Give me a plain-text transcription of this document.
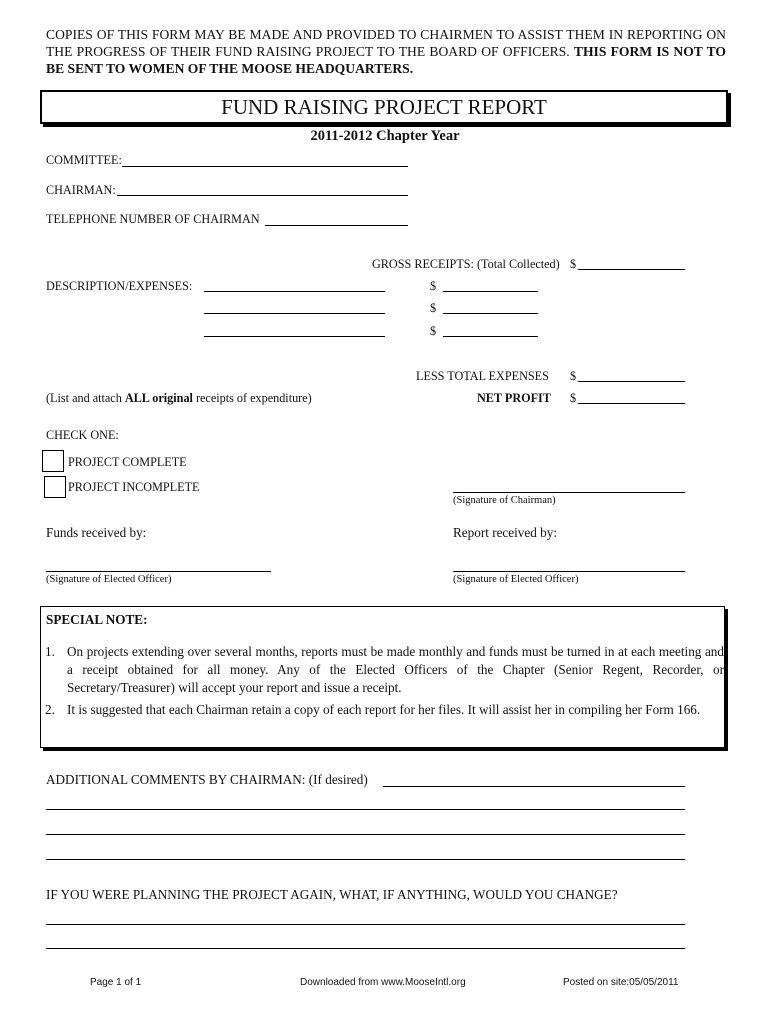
COPIES OF THIS FORM MAY BE MADE AND PROVIDED TO CHAIRMEN TO ASSIST THEM IN REPORTING ON THE PROGRESS OF THEIR FUND RAISING PROJECT TO THE BOARD OF OFFICERS. THIS FORM IS NOT TO BE SENT TO WOMEN OF THE MOOSE HEADQUARTERS.
FUND RAISING PROJECT REPORT
2011-2012 Chapter Year
COMMITTEE:
CHAIRMAN:
TELEPHONE NUMBER OF CHAIRMAN
GROSS RECEIPTS: (Total Collected) $
DESCRIPTION/EXPENSES:	$
$
$
LESS TOTAL EXPENSES $
(List and attach ALL original receipts of expenditure)	NET PROFIT $
CHECK ONE:
PROJECT COMPLETE
PROJECT INCOMPLETE
(Signature of Chairman)
Funds received by:	Report received by:
(Signature of Elected Officer)	(Signature of Elected Officer)
SPECIAL NOTE:
1. On projects extending over several months, reports must be made monthly and funds must be turned in at each meeting and a receipt obtained for all money. Any of the Elected Officers of the Chapter (Senior Regent, Recorder, or Secretary/Treasurer) will accept your report and issue a receipt.
2. It is suggested that each Chairman retain a copy of each report for her files. It will assist her in compiling her Form 166.
ADDITIONAL COMMENTS BY CHAIRMAN: (If desired)
IF YOU WERE PLANNING THE PROJECT AGAIN, WHAT, IF ANYTHING, WOULD YOU CHANGE?
Page 1 of 1	Downloaded from www.MooseIntl.org	Posted on site:05/05/2011
